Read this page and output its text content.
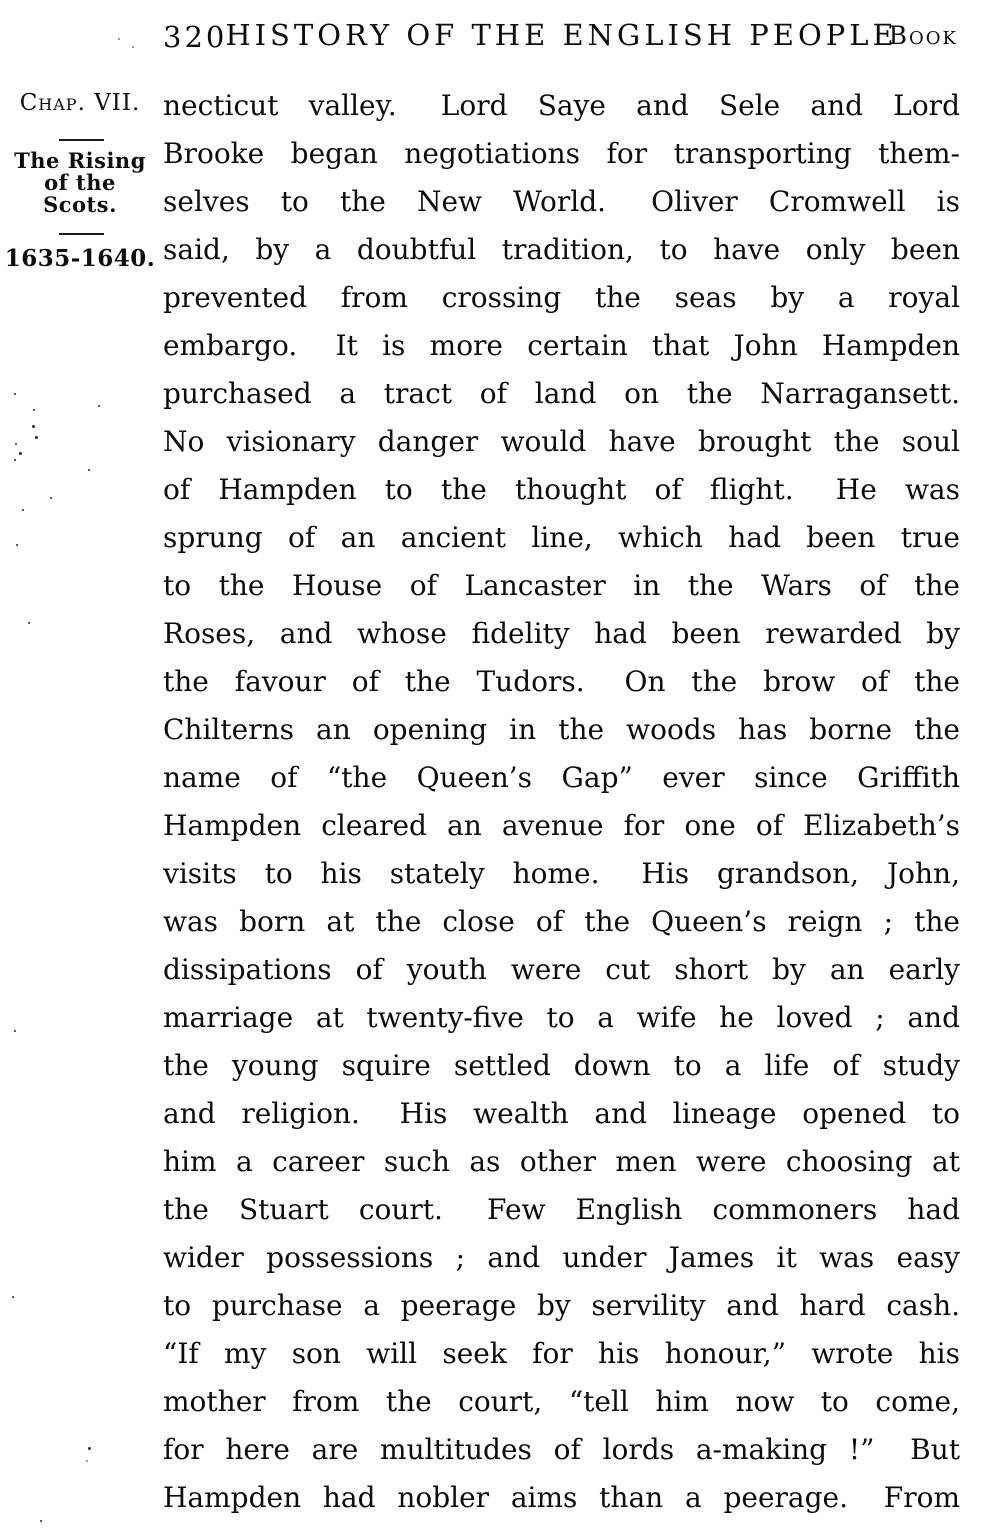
320
HISTORY OF THE ENGLISH PEOPLE
Book
Chap. VII.
The Rising
of the
Scots.
1635-1640.
necticut valley.  Lord Saye and Sele and Lord
Brooke began negotiations for transporting them-
selves to the New World.  Oliver Cromwell is
said, by a doubtful tradition, to have only been
prevented from crossing the seas by a royal
embargo.  It is more certain that John Hampden
purchased a tract of land on the Narragansett.
No visionary danger would have brought the soul
of Hampden to the thought of flight.  He was
sprung of an ancient line, which had been true
to the House of Lancaster in the Wars of the
Roses, and whose fidelity had been rewarded by
the favour of the Tudors.  On the brow of the
Chilterns an opening in the woods has borne the
name of “the Queen’s Gap” ever since Griffith
Hampden cleared an avenue for one of Elizabeth’s
visits to his stately home.  His grandson, John,
was born at the close of the Queen’s reign ; the
dissipations of youth were cut short by an early
marriage at twenty-five to a wife he loved ; and
the young squire settled down to a life of study
and religion.  His wealth and lineage opened to
him a career such as other men were choosing at
the Stuart court.  Few English commoners had
wider possessions ; and under James it was easy
to purchase a peerage by servility and hard cash.
“If my son will seek for his honour,” wrote his
mother from the court, “tell him now to come,
for here are multitudes of lords a-making !”  But
Hampden had nobler aims than a peerage.  From
